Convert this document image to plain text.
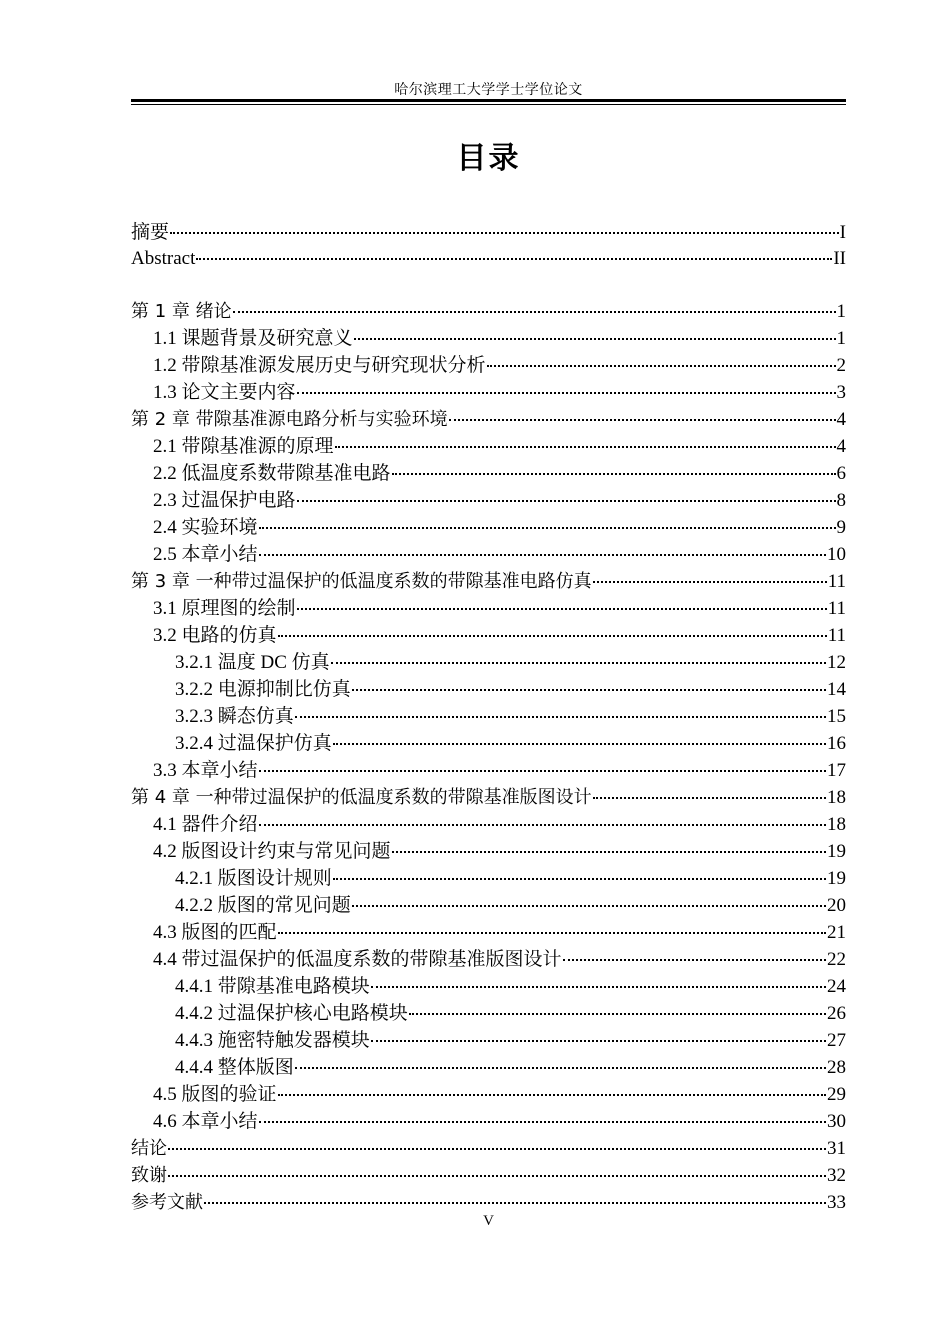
哈尔滨理工大学学士学位论文
目录
摘要	I
Abstract	II
第 1 章 绪论	1
1.1 课题背景及研究意义	1
1.2 带隙基准源发展历史与研究现状分析	2
1.3 论文主要内容	3
第 2 章 带隙基准源电路分析与实验环境	4
2.1 带隙基准源的原理	4
2.2 低温度系数带隙基准电路	6
2.3 过温保护电路	8
2.4 实验环境	9
2.5 本章小结	10
第 3 章 一种带过温保护的低温度系数的带隙基准电路仿真	11
3.1 原理图的绘制	11
3.2 电路的仿真	11
3.2.1 温度 DC 仿真	12
3.2.2 电源抑制比仿真	14
3.2.3 瞬态仿真	15
3.2.4 过温保护仿真	16
3.3 本章小结	17
第 4 章 一种带过温保护的低温度系数的带隙基准版图设计	18
4.1 器件介绍	18
4.2 版图设计约束与常见问题	19
4.2.1 版图设计规则	19
4.2.2 版图的常见问题	20
4.3 版图的匹配	21
4.4 带过温保护的低温度系数的带隙基准版图设计	22
4.4.1 带隙基准电路模块	24
4.4.2 过温保护核心电路模块	26
4.4.3 施密特触发器模块	27
4.4.4 整体版图	28
4.5 版图的验证	29
4.6 本章小结	30
结论	31
致谢	32
参考文献	33
V
